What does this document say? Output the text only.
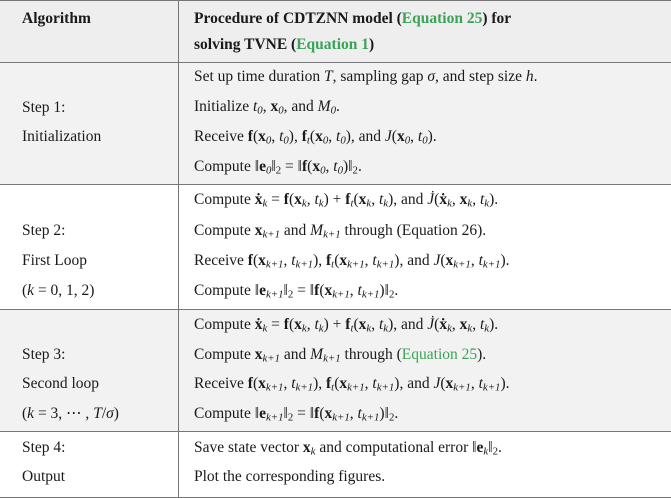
Algorithm	Procedure of CDTZNN model (Equation 25) for
solving TVNE (Equation 1)
Step 1:
Initialization
Set up time duration T, sampling gap σ, and step size h.
Initialize $t_0$, $x_0$, and $M_0$.
Receive $f(x_0$, $t_0$), $f_t(x_0$, $t_0$), and $J(x_0$, $t_0$).
Compute $‖e_0‖_2$ = $‖f(x_0$, $t_0)‖_2$.
Step 2:
First Loop
(k = 0, 1, 2)
Compute ẋ$_k$ = $f(x_k$, $t_k) + f_t(x_k$, $t_k$), and J̇(ẋ$_k$, $x_k$, $t_k$).
Compute $x_{k+1}$ and $M_{k+1}$ through (Equation 26).
Receive $f(x_{k+1}$, $t_{k+1}$), $f_t(x_{k+1}$, $t_{k+1}$), and $J(x_{k+1}$, $t_{k+1}$).
Compute $‖e_{k+1}‖_2$ = $‖f(x_{k+1}$, $t_{k+1})‖_2$.
Step 3:
Second loop
(k = 3, ⋯ , T/σ)
Compute ẋ$_k$ = $f(x_k$, $t_k) + f_t(x_k$, $t_k$), and J̇(ẋ$_k$, $x_k$, $t_k$).
Compute $x_{k+1}$ and $M_{k+1}$ through (Equation 25).
Receive $f(x_{k+1}$, $t_{k+1}$), $f_t(x_{k+1}$, $t_{k+1}$), and $J(x_{k+1}$, $t_{k+1}$).
Compute $‖e_{k+1}‖_2$ = $‖f(x_{k+1}$, $t_{k+1})‖_2$.
Step 4:
Output
Save state vector $x_k$ and computational error $‖e_k‖_2$.
Plot the corresponding figures.
